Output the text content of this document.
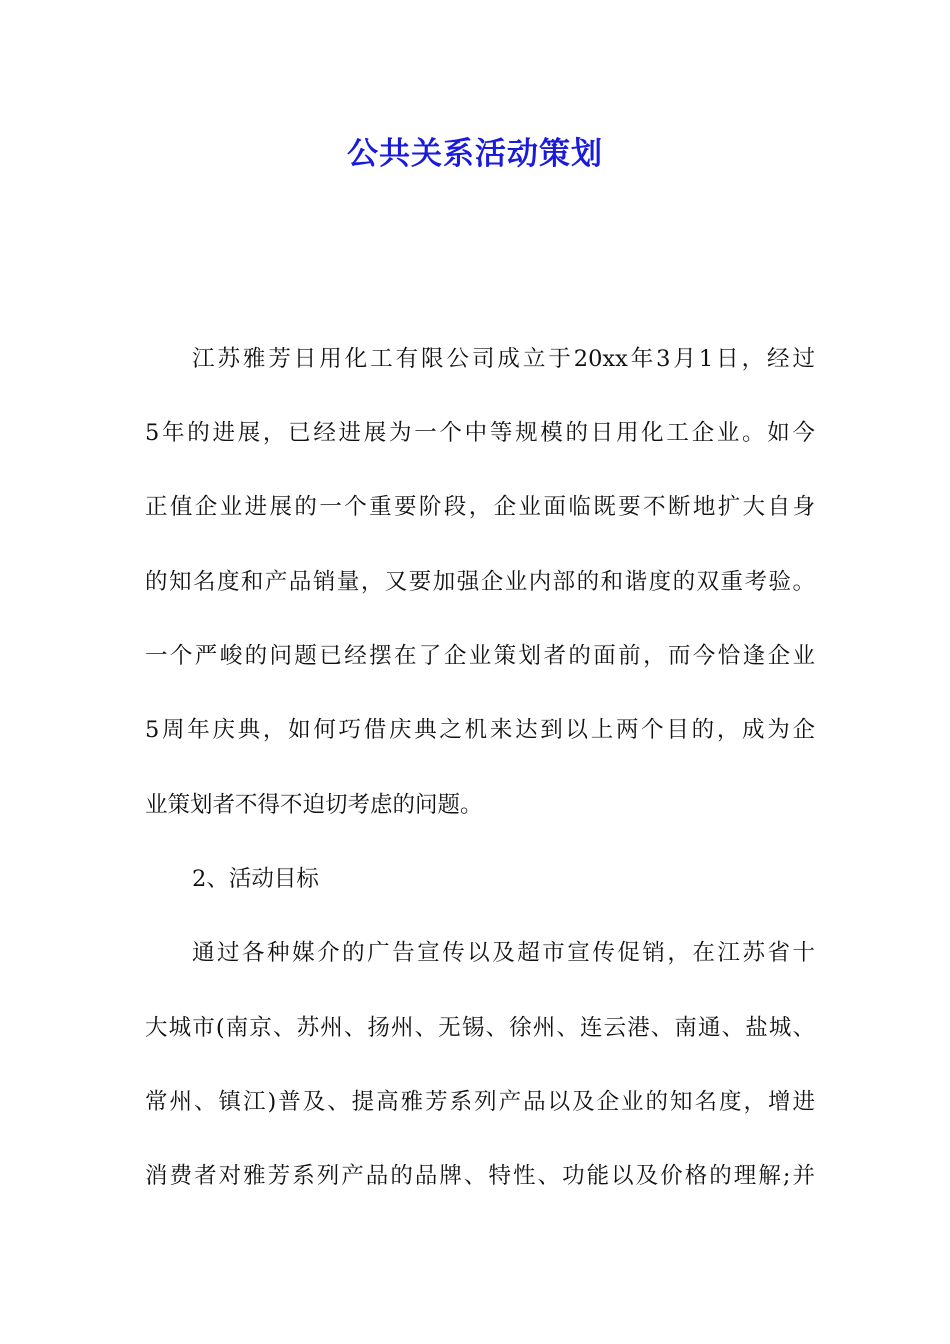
公共关系活动策划
江苏雅芳日用化工有限公司成立于20xx年3月1日，经过
5年的进展，已经进展为一个中等规模的日用化工企业。如今
正值企业进展的一个重要阶段，企业面临既要不断地扩大自身
的知名度和产品销量，又要加强企业内部的和谐度的双重考验。
一个严峻的问题已经摆在了企业策划者的面前，而今恰逢企业
5周年庆典，如何巧借庆典之机来达到以上两个目的，成为企
业策划者不得不迫切考虑的问题。
2、活动目标
通过各种媒介的广告宣传以及超市宣传促销，在江苏省十
大城市(南京、苏州、扬州、无锡、徐州、连云港、南通、盐城、
常州、镇江)普及、提高雅芳系列产品以及企业的知名度，增进
消费者对雅芳系列产品的品牌、特性、功能以及价格的理解;并
